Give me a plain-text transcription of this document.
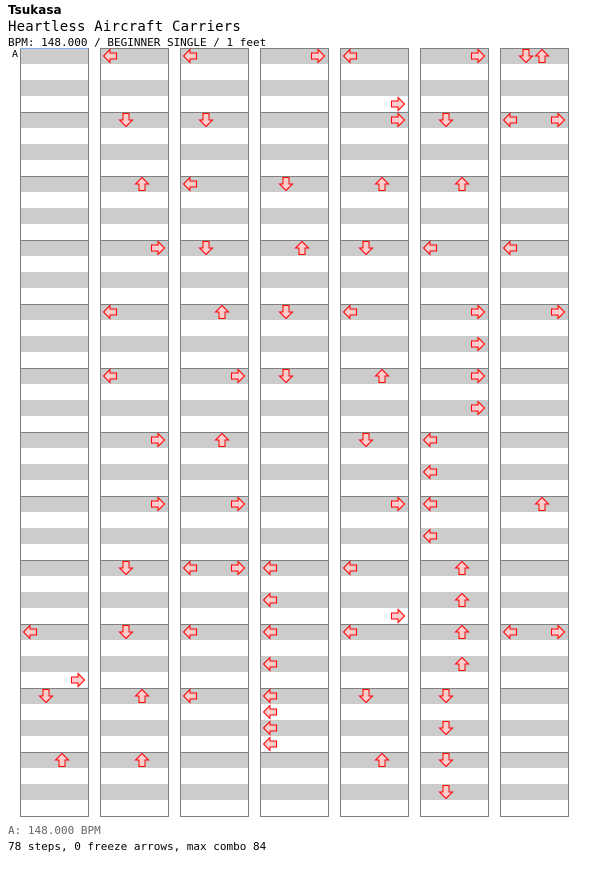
A
Tsukasa
Heartless Aircraft Carriers
BPM: 148.000 / BEGINNER SINGLE / 1 feet
A: 148.000 BPM
78 steps, 0 freeze arrows, max combo 84
